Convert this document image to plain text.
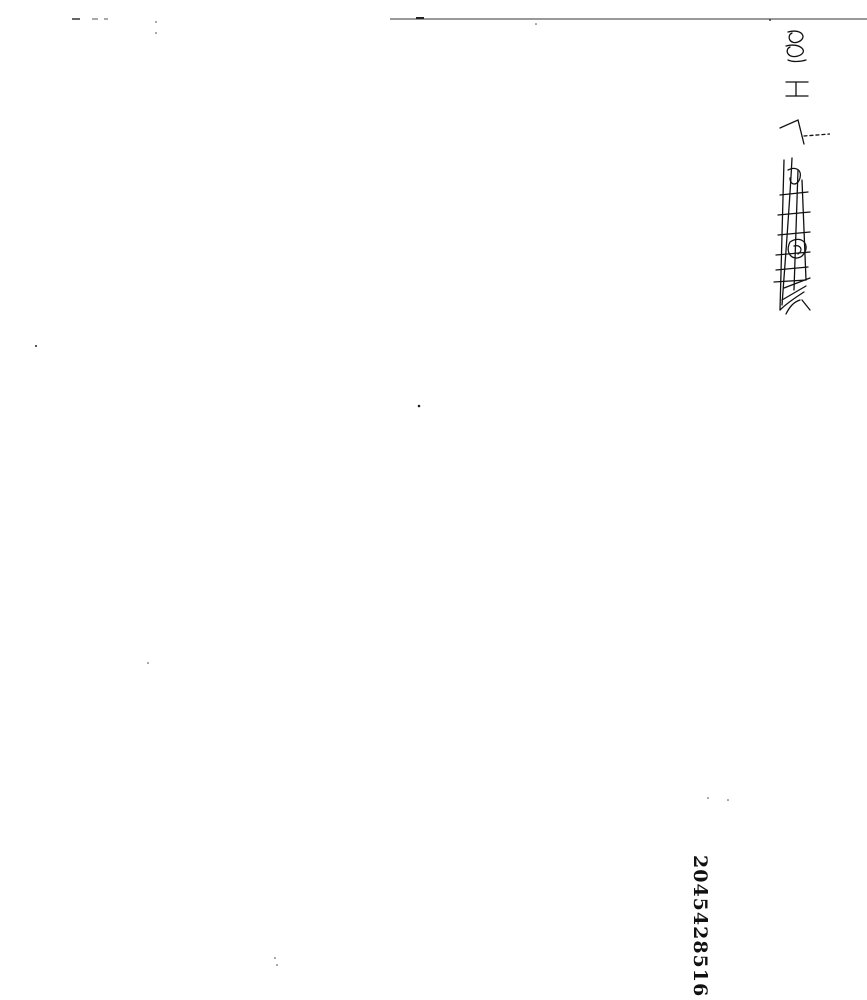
2045428516
